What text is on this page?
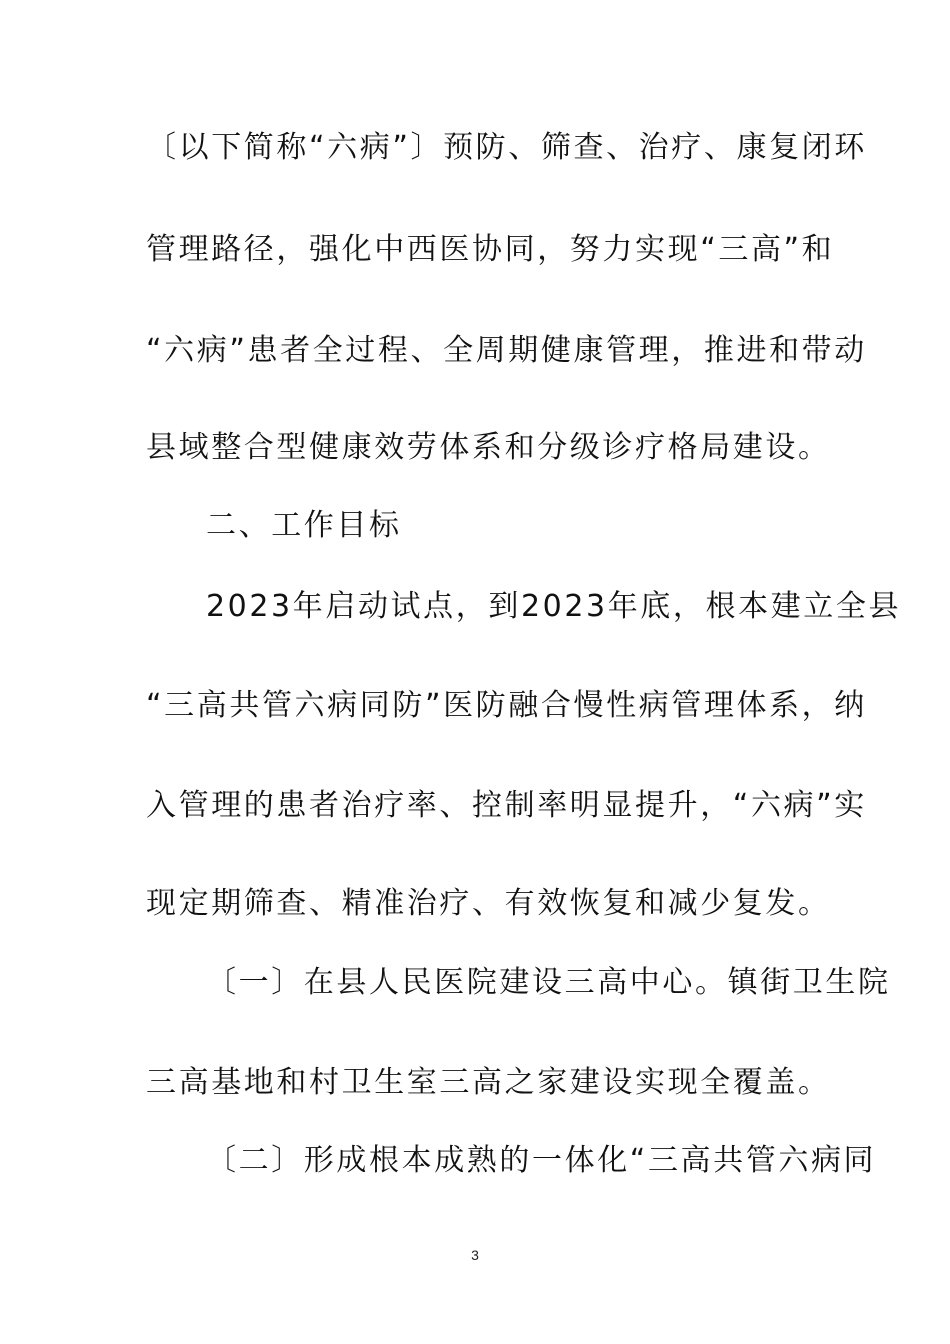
〔以下简称“六病”〕预防、筛查、治疗、康复闭环
管理路径，强化中西医协同，努力实现“三高”和
“六病”患者全过程、全周期健康管理，推进和带动
县域整合型健康效劳体系和分级诊疗格局建设。
二、工作目标
2023年启动试点，到2023年底，根本建立全县
“三高共管六病同防”医防融合慢性病管理体系，纳
入管理的患者治疗率、控制率明显提升，“六病”实
现定期筛查、精准治疗、有效恢复和减少复发。
〔一〕在县人民医院建设三高中心。镇街卫生院
三高基地和村卫生室三高之家建设实现全覆盖。
〔二〕形成根本成熟的一体化“三高共管六病同
3
